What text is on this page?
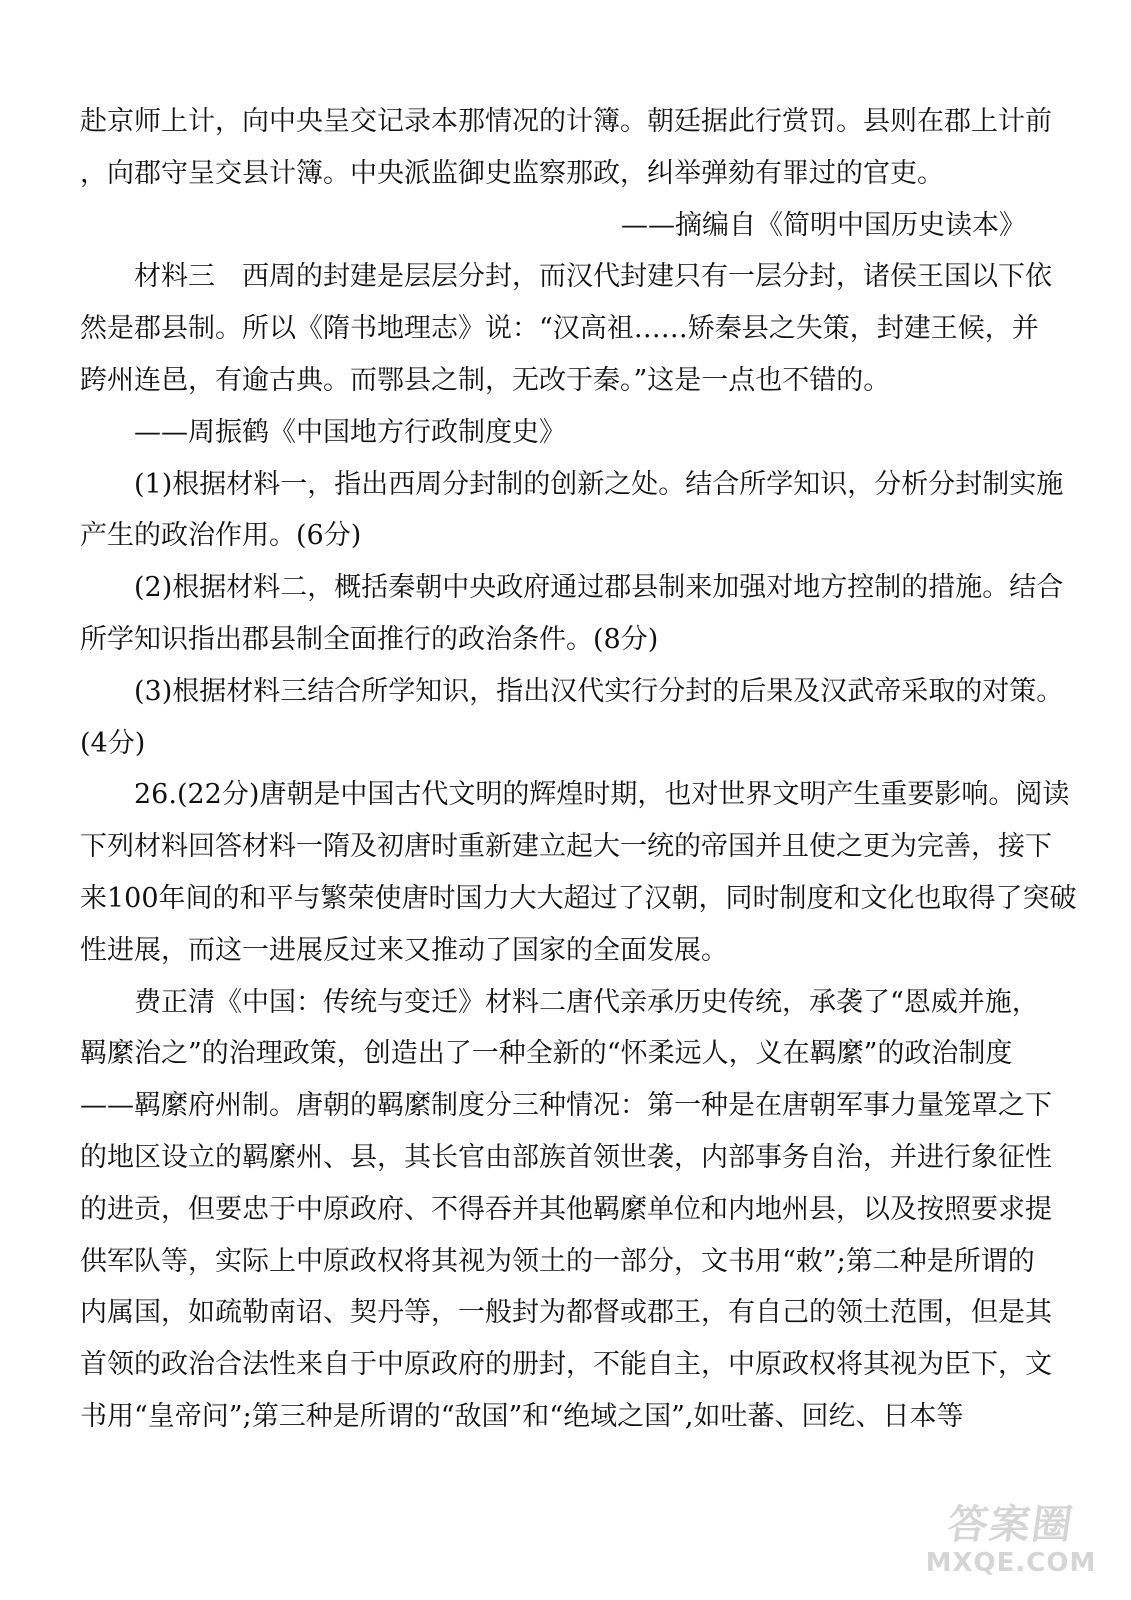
赴京师上计，向中央呈交记录本那情况的计簿。朝廷据此行赏罚。县则在郡上计前
，向郡守呈交县计簿。中央派监御史监察那政，纠举弹劾有罪过的官吏。
——摘编自《简明中国历史读本》
材料三　西周的封建是层层分封，而汉代封建只有一层分封，诸侯王国以下依
然是郡县制。所以《隋书地理志》说：“汉高祖……矫秦县之失策，封建王候，并
跨州连邑，有逾古典。而鄂县之制，无改于秦。”这是一点也不错的。
——周振鹤《中国地方行政制度史》
(1)根据材料一，指出西周分封制的创新之处。结合所学知识，分析分封制实施
产生的政治作用。(6分)
(2)根据材料二，概括秦朝中央政府通过郡县制来加强对地方控制的措施。结合
所学知识指出郡县制全面推行的政治条件。(8分)
(3)根据材料三结合所学知识，指出汉代实行分封的后果及汉武帝采取的对策。
(4分)
26.(22分)唐朝是中国古代文明的辉煌时期，也对世界文明产生重要影响。阅读
下列材料回答材料一隋及初唐时重新建立起大一统的帝国并且使之更为完善，接下
来100年间的和平与繁荣使唐时国力大大超过了汉朝，同时制度和文化也取得了突破
性进展，而这一进展反过来又推动了国家的全面发展。
费正清《中国：传统与变迁》材料二唐代亲承历史传统，承袭了“恩威并施，
羁縻治之”的治理政策，创造出了一种全新的“怀柔远人，义在羁縻”的政治制度
——羁縻府州制。唐朝的羁縻制度分三种情况：第一种是在唐朝军事力量笼罩之下
的地区设立的羁縻州、县，其长官由部族首领世袭，内部事务自治，并进行象征性
的进贡，但要忠于中原政府、不得吞并其他羁縻单位和内地州县，以及按照要求提
供军队等，实际上中原政权将其视为领土的一部分，文书用“敕”;第二种是所谓的
内属国，如疏勒南诏、契丹等，一般封为都督或郡王，有自己的领土范围，但是其
首领的政治合法性来自于中原政府的册封，不能自主，中原政权将其视为臣下，文
书用“皇帝问”;第三种是所谓的“敌国”和“绝域之国”,如吐蕃、回纥、日本等
答案圈
MXQE.COM
